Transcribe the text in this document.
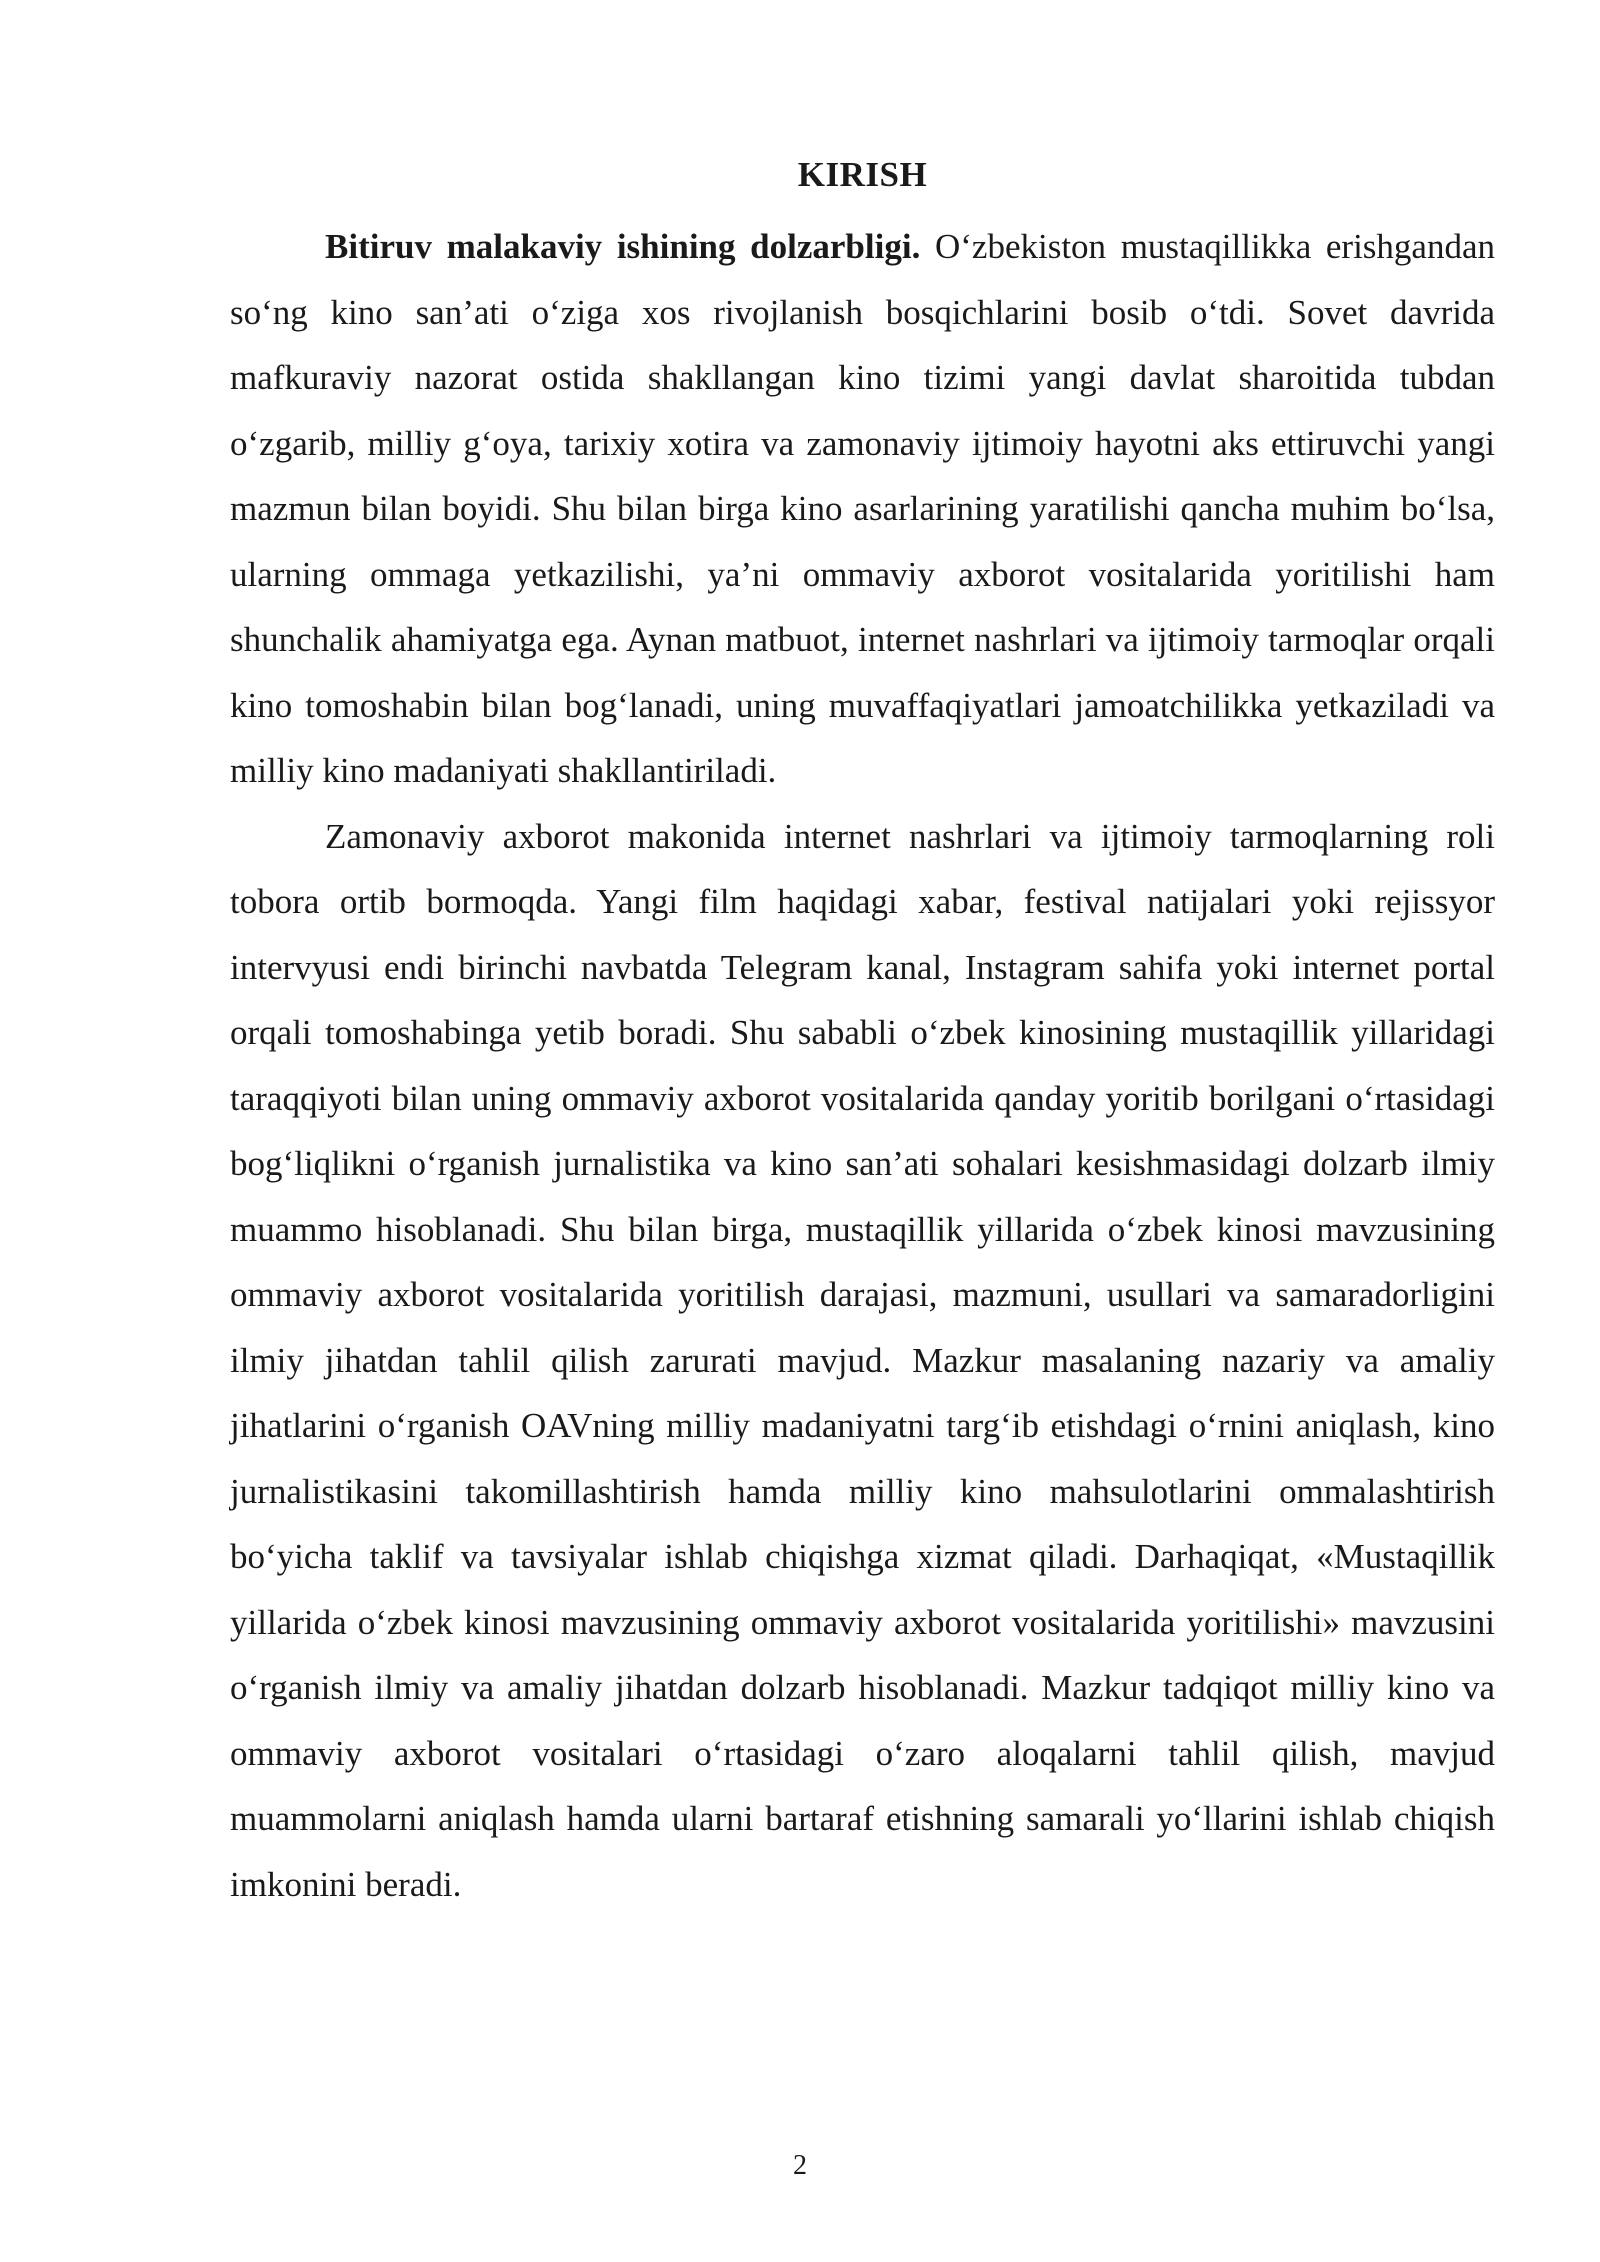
KIRISH

Bitiruv malakaviy ishining dolzarbligi. O‘zbekiston mustaqillikka erishgandan so‘ng kino san’ati o‘ziga xos rivojlanish bosqichlarini bosib o‘tdi. Sovet davrida mafkuraviy nazorat ostida shakllangan kino tizimi yangi davlat sharoitida tubdan o‘zgarib, milliy g‘oya, tarixiy xotira va zamonaviy ijtimoiy hayotni aks ettiruvchi yangi mazmun bilan boyidi. Shu bilan birga kino asarlarining yaratilishi qancha muhim bo‘lsa, ularning ommaga yetkazilishi, ya’ni ommaviy axborot vositalarida yoritilishi ham shunchalik ahamiyatga ega. Aynan matbuot, internet nashrlari va ijtimoiy tarmoqlar orqali kino tomoshabin bilan bog‘lanadi, uning muvaffaqiyatlari jamoatchilikka yetkaziladi va milliy kino madaniyati shakllantiriladi.

Zamonaviy axborot makonida internet nashrlari va ijtimoiy tarmoqlarning roli tobora ortib bormoqda. Yangi film haqidagi xabar, festival natijalari yoki rejissyor intervyusi endi birinchi navbatda Telegram kanal, Instagram sahifa yoki internet portal orqali tomoshabinga yetib boradi. Shu sababli o‘zbek kinosining mustaqillik yillaridagi taraqqiyoti bilan uning ommaviy axborot vositalarida qanday yoritib borilgani o‘rtasidagi bog‘liqlikni o‘rganish jurnalistika va kino san’ati sohalari kesishmasidagi dolzarb ilmiy muammo hisoblanadi. Shu bilan birga, mustaqillik yillarida o‘zbek kinosi mavzusining ommaviy axborot vositalarida yoritilish darajasi, mazmuni, usullari va samaradorligini ilmiy jihatdan tahlil qilish zarurati mavjud. Mazkur masalaning nazariy va amaliy jihatlarini o‘rganish OAVning milliy madaniyatni targ‘ib etishdagi o‘rnini aniqlash, kino jurnalistikasini takomillashtirish hamda milliy kino mahsulotlarini ommalashtirish bo‘yicha taklif va tavsiyalar ishlab chiqishga xizmat qiladi. Darhaqiqat, «Mustaqillik yillarida o‘zbek kinosi mavzusining ommaviy axborot vositalarida yoritilishi» mavzusini o‘rganish ilmiy va amaliy jihatdan dolzarb hisoblanadi. Mazkur tadqiqot milliy kino va ommaviy axborot vositalari o‘rtasidagi o‘zaro aloqalarni tahlil qilish, mavjud muammolarni aniqlash hamda ularni bartaraf etishning samarali yo‘llarini ishlab chiqish imkonini beradi.

2
